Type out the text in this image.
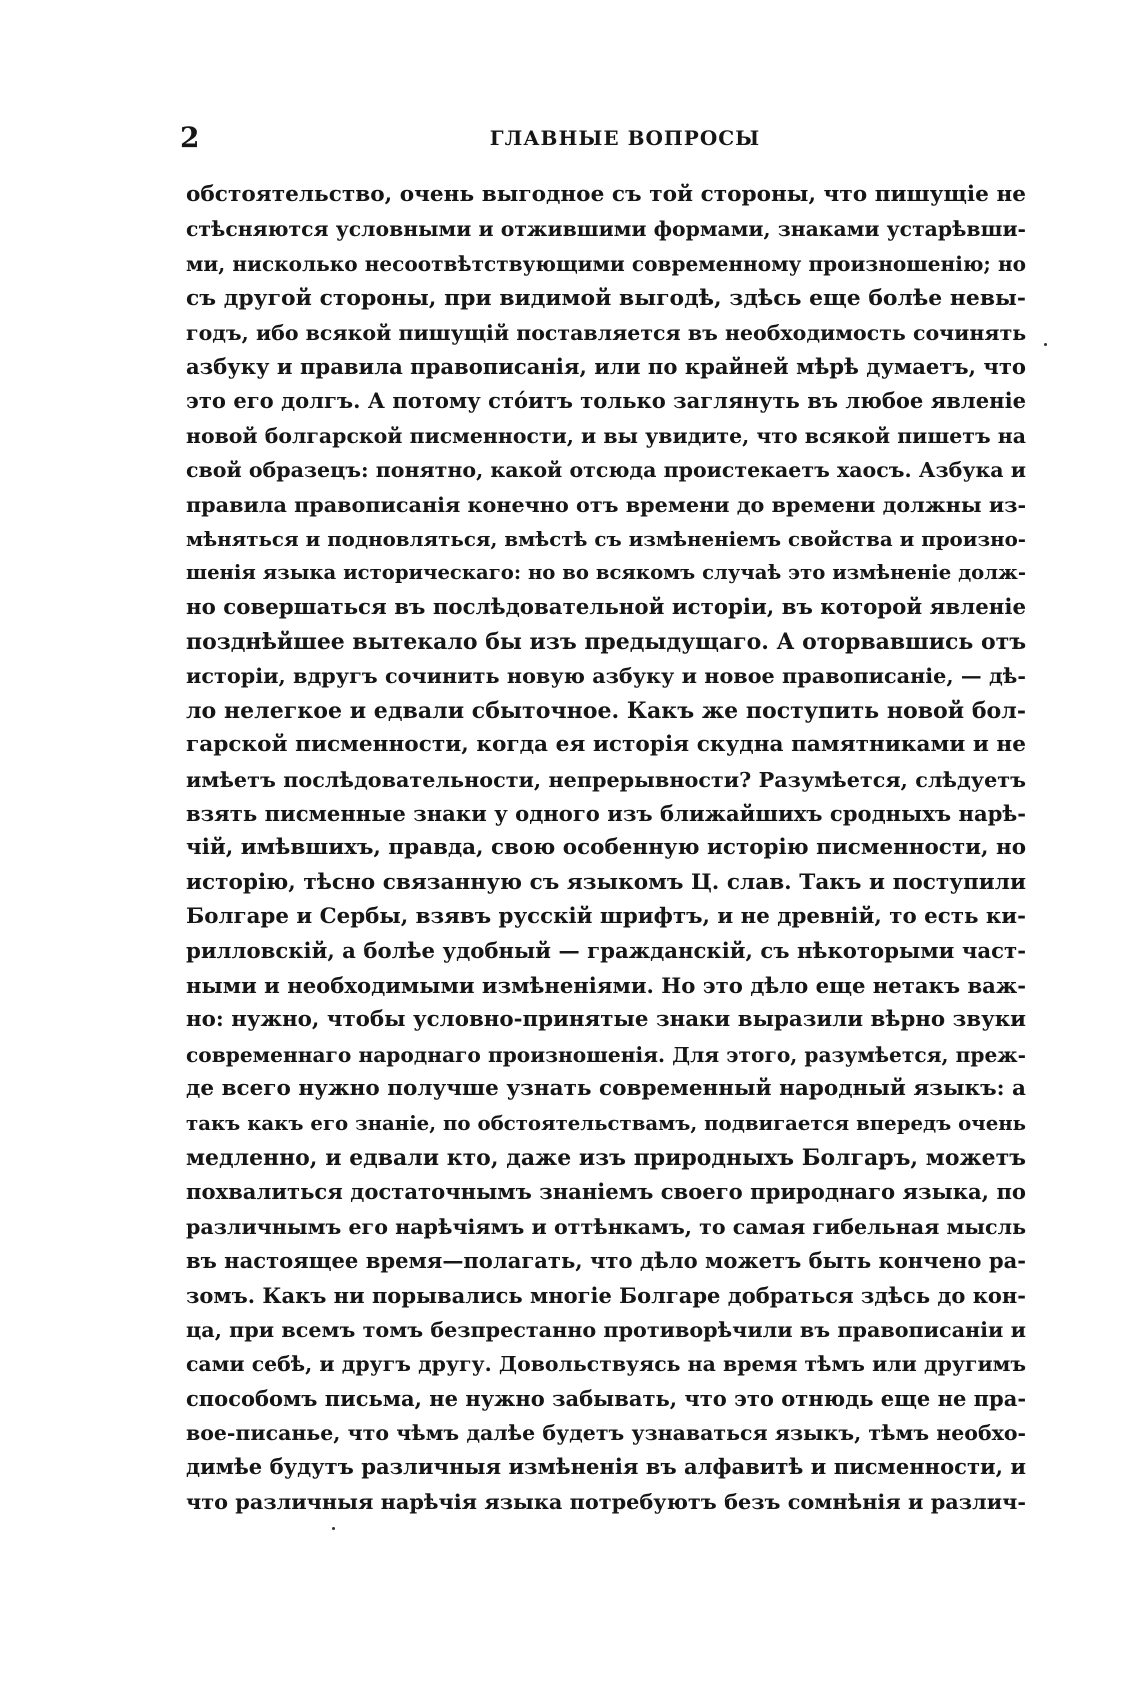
2	ГЛАВНЫЕ ВОПРОСЫ
обстоятельство, очень выгодное съ той стороны, что пишущіе не
стѣсняются условными и отжившими формами, знаками устарѣвши-
ми, нисколько несоотвѣтствующими современному произношенію; но
съ другой стороны, при видимой выгодѣ, здѣсь еще болѣе невы-
годъ, ибо всякой пишущій поставляется въ необходимость сочинять
азбуку и правила правописанія, или по крайней мѣрѣ думаетъ, что
это его долгъ. А потому стóитъ только заглянуть въ любое явленіе
новой болгарской писменности, и вы увидите, что всякой пишетъ на
свой образецъ: понятно, какой отсюда проистекаетъ хаосъ. Азбука и
правила правописанія конечно отъ времени до времени должны из-
мѣняться и подновляться, вмѣстѣ съ измѣненіемъ свойства и произно-
шенія языка историческаго: но во всякомъ случаѣ это измѣненіе долж-
но совершаться въ послѣдовательной исторіи, въ которой явленіе
позднѣйшее вытекало бы изъ предыдущаго. А оторвавшись отъ
исторіи, вдругъ сочинить новую азбуку и новое правописаніе, — дѣ-
ло нелегкое и едвали сбыточное. Какъ же поступить новой бол-
гарской писменности, когда ея исторія скудна памятниками и не
имѣетъ послѣдовательности, непрерывности? Разумѣется, слѣдуетъ
взять писменные знаки у одного изъ ближайшихъ сродныхъ нарѣ-
чій, имѣвшихъ, правда, свою особенную исторію писменности, но
исторію, тѣсно связанную съ языкомъ Ц. слав. Такъ и поступили
Болгаре и Сербы, взявъ русскій шрифтъ, и не древній, то есть ки-
рилловскій, а болѣе удобный — гражданскій, съ нѣкоторыми част-
ными и необходимыми измѣненіями. Но это дѣло еще нетакъ важ-
но: нужно, чтобы условно-принятые знаки выразили вѣрно звуки
современнаго народнаго произношенія. Для этого, разумѣется, преж-
де всего нужно получше узнать современный народный языкъ: а
такъ какъ его знаніе, по обстоятельствамъ, подвигается впередъ очень
медленно, и едвали кто, даже изъ природныхъ Болгаръ, можетъ
похвалиться достаточнымъ знаніемъ своего природнаго языка, по
различнымъ его нарѣчіямъ и оттѣнкамъ, то самая гибельная мысль
въ настоящее время—полагать, что дѣло можетъ быть кончено ра-
зомъ. Какъ ни порывались многіе Болгаре добраться здѣсь до кон-
ца, при всемъ томъ безпрестанно противорѣчили въ правописаніи и
сами себѣ, и другъ другу. Довольствуясь на время тѣмъ или другимъ
способомъ письма, не нужно забывать, что это отнюдь еще не пра-
вое-писанье, что чѣмъ далѣе будетъ узнаваться языкъ, тѣмъ необхо-
димѣе будутъ различныя измѣненія въ алфавитѣ и писменности, и
что различныя нарѣчія языка потребуютъ безъ сомнѣнія и различ-
